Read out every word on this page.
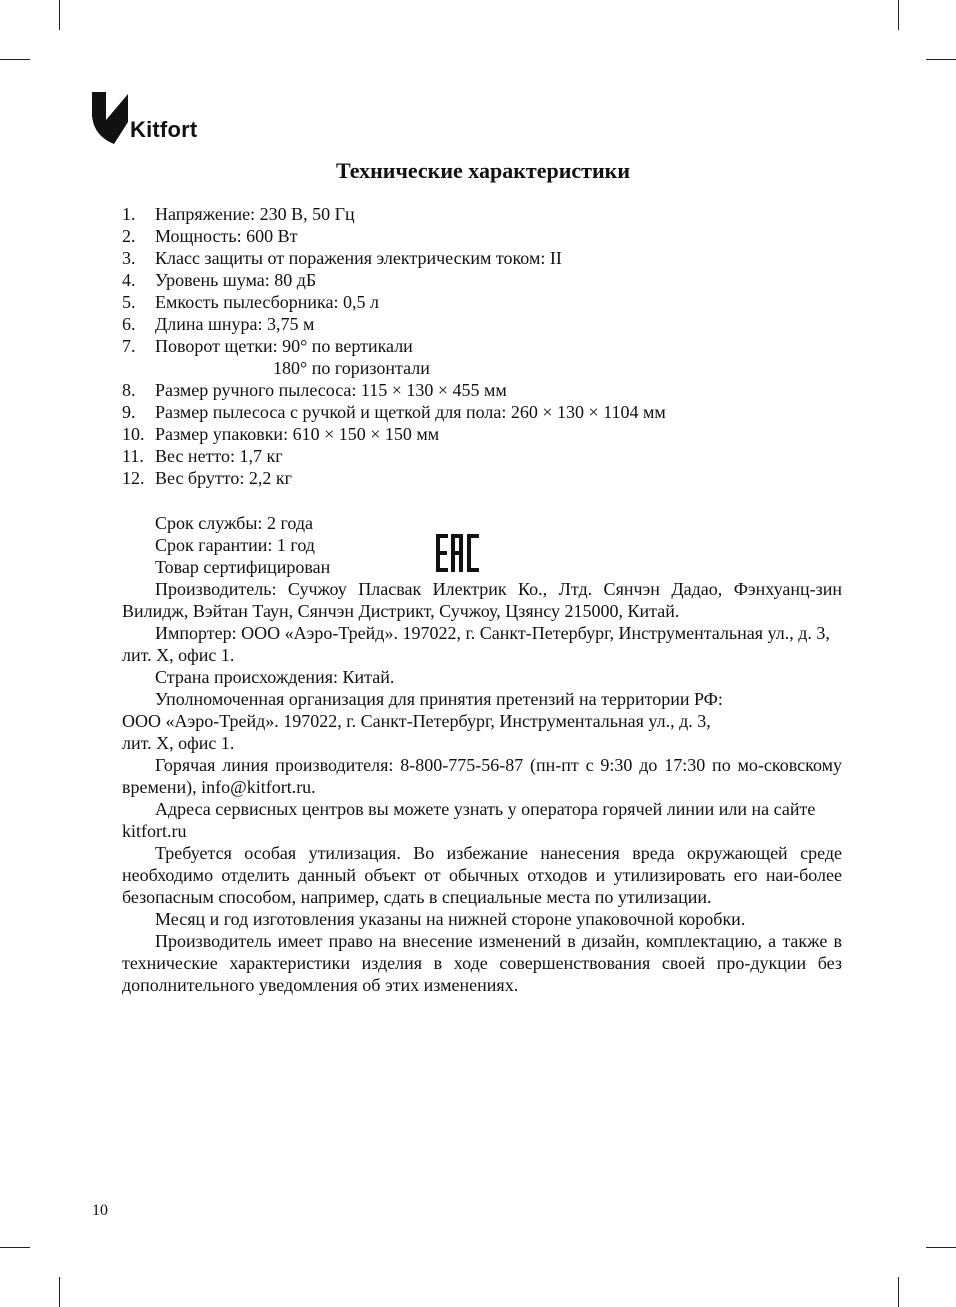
Kitfort
Технические характеристики
1.	Напряжение: 230 В, 50 Гц
2.	Мощность: 600 Вт
3.	Класс защиты от поражения электрическим током: II
4.	Уровень шума: 80 дБ
5.	Емкость пылесборника: 0,5 л
6.	Длина шнура: 3,75 м
7.	Поворот щетки: 90° по вертикали
180° по горизонтали
8.	Размер ручного пылесоса: 115 × 130 × 455 мм
9.	Размер пылесоса с ручкой и щеткой для пола: 260 × 130 × 1104 мм
10. Размер упаковки: 610 × 150 × 150 мм
11. Вес нетто: 1,7 кг
12. Вес брутто: 2,2 кг
Срок службы: 2 года
Срок гарантии: 1 год
Товар сертифицирован

Производитель: Сучжоу Пласвак Илектрик Ко., Лтд. Сянчэн Дадао, Фэнхуанц-зин Вилидж, Вэйтан Таун, Сянчэн Дистрикт, Сучжоу, Цзянсу 215000, Китай.

Импортер: ООО «Аэро-Трейд». 197022, г. Санкт-Петербург, Инструментальная ул., д. 3, лит. Х, офис 1.

Страна происхождения: Китай.

Уполномоченная организация для принятия претензий на территории РФ:

ООО «Аэро-Трейд». 197022, г. Санкт-Петербург, Инструментальная ул., д. 3,

лит. Х, офис 1.

Горячая линия производителя: 8-800-775-56-87 (пн-пт с 9:30 до 17:30 по мо-сковскому времени), info@kitfort.ru.

Адреса сервисных центров вы можете узнать у оператора горячей линии или на сайте kitfort.ru

Требуется особая утилизация. Во избежание нанесения вреда окружающей среде необходимо отделить данный объект от обычных отходов и утилизировать его наи-более безопасным способом, например, сдать в специальные места по утилизации.

Месяц и год изготовления указаны на нижней стороне упаковочной коробки.

Производитель имеет право на внесение изменений в дизайн, комплектацию, а также в технические характеристики изделия в ходе совершенствования своей про-дукции без дополнительного уведомления об этих изменениях.

10
